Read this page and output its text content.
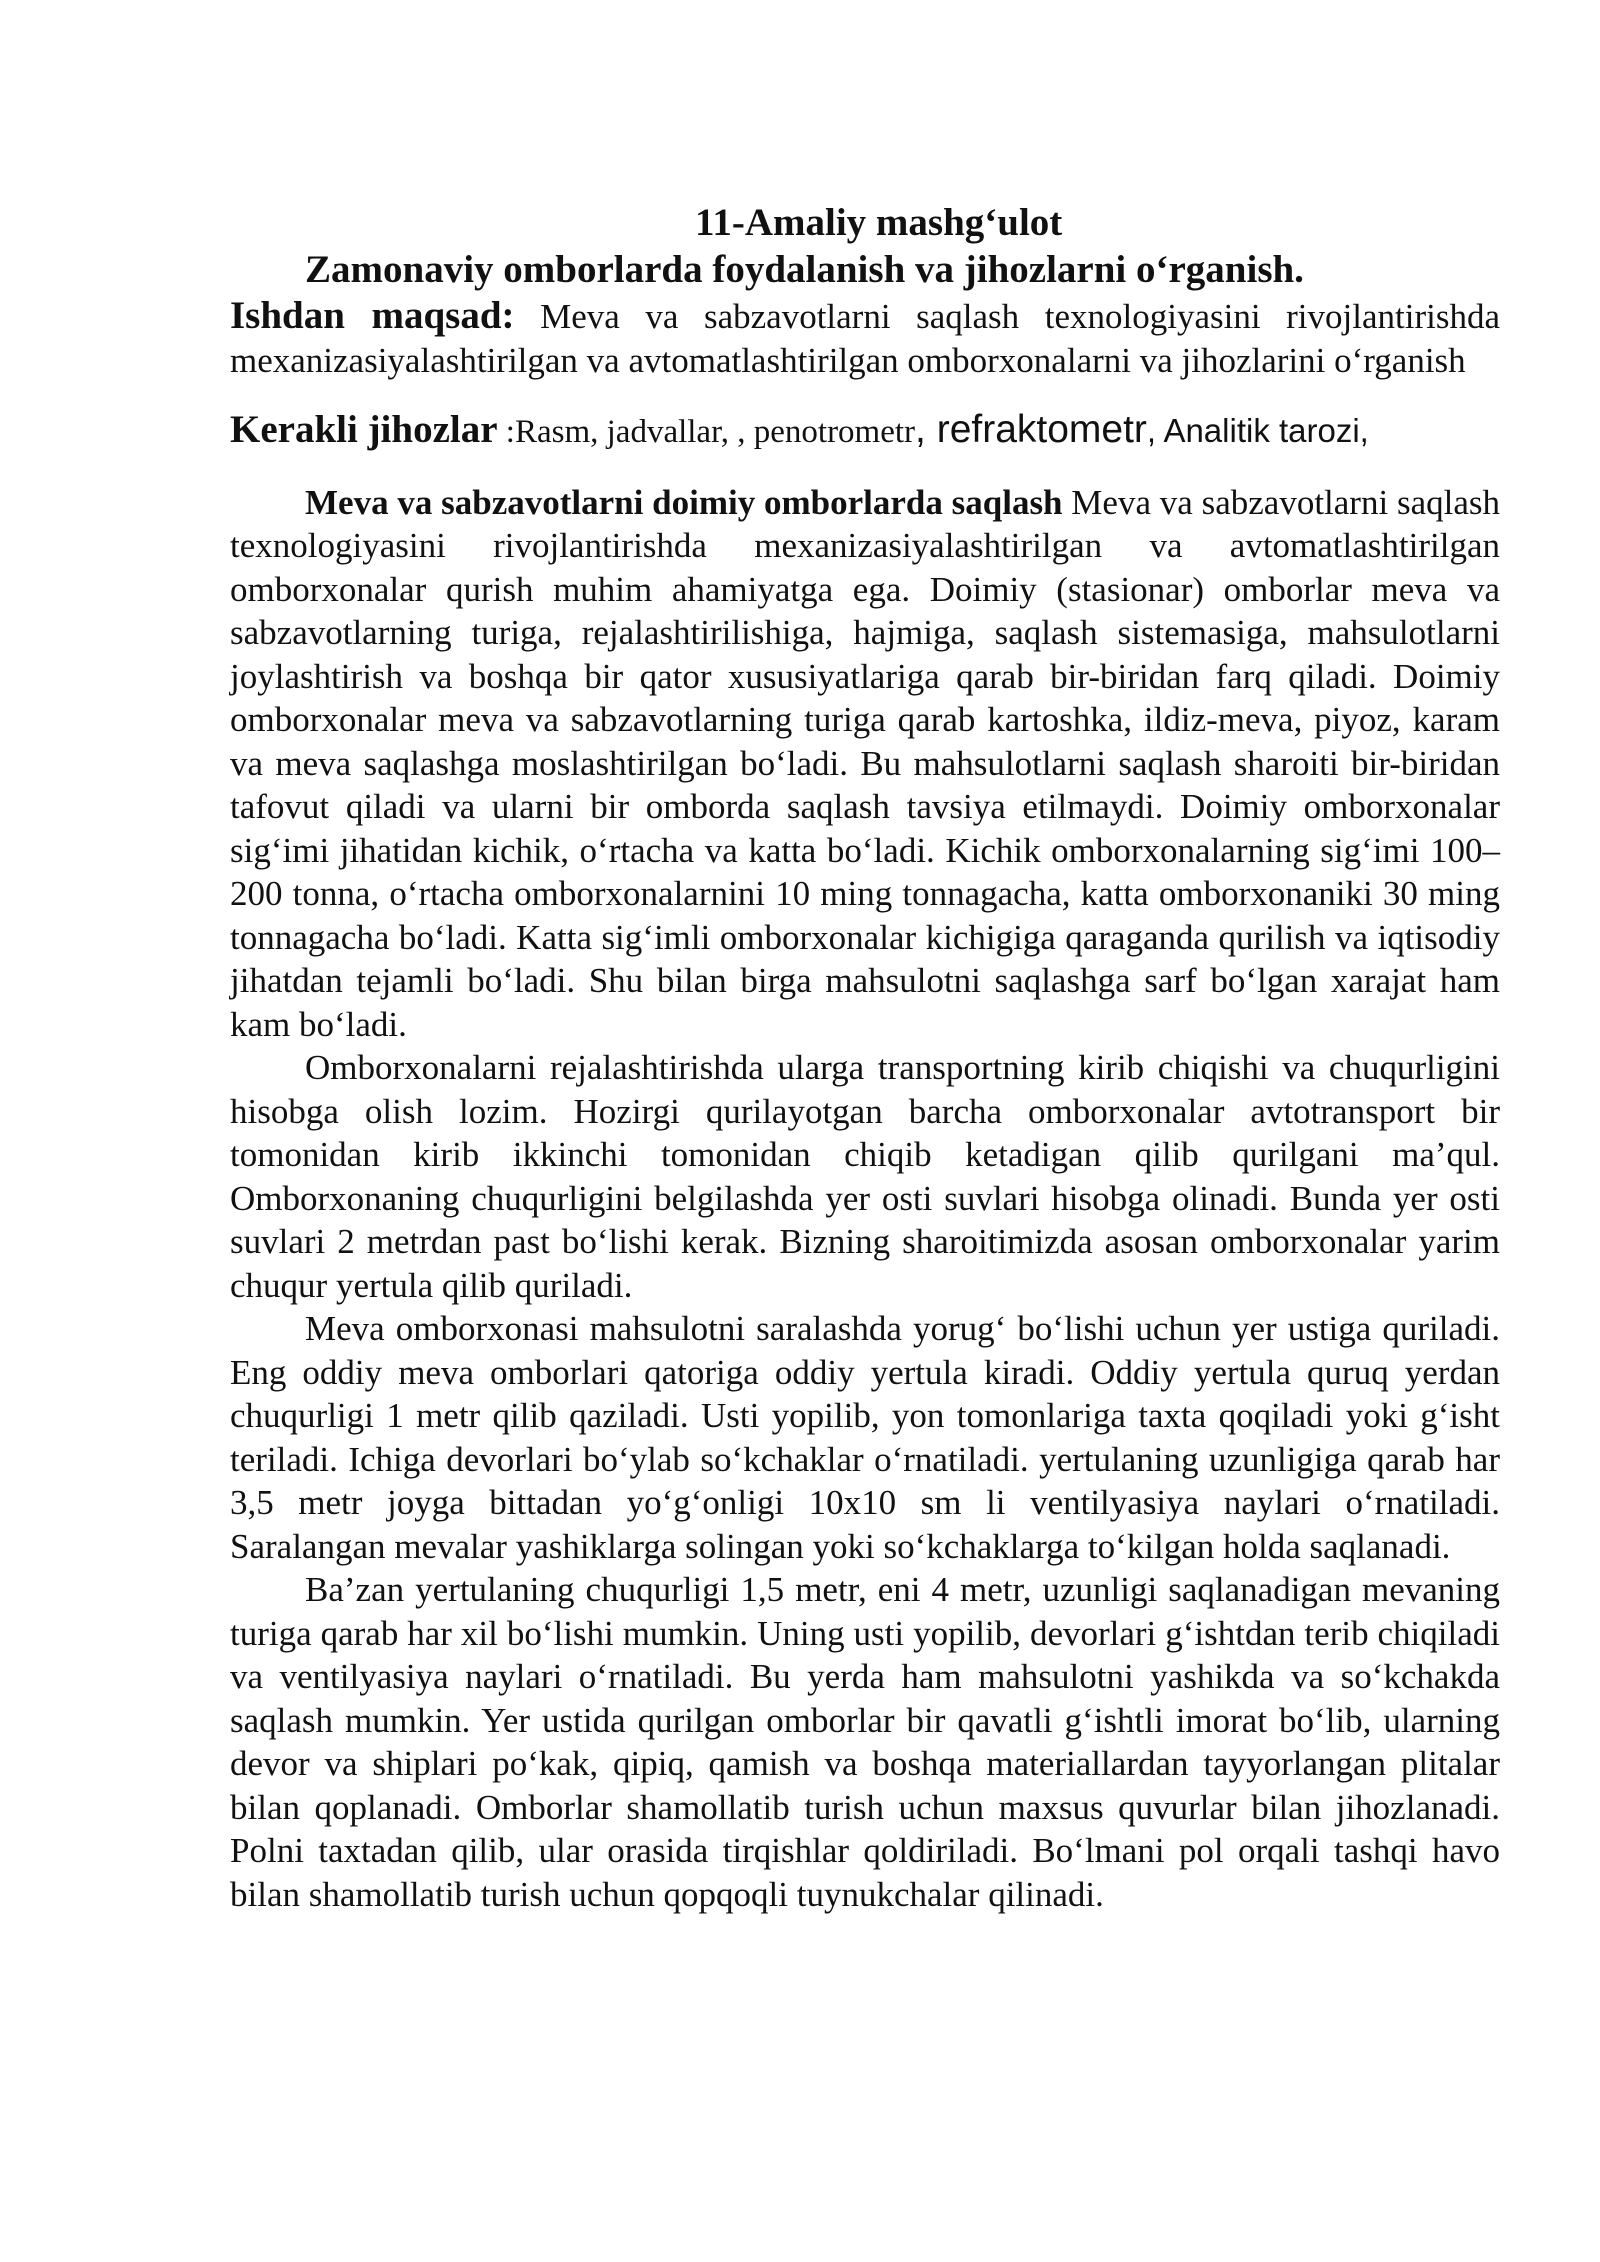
11-Amaliy mashg‘ulot
Zamonaviy omborlarda foydalanish va jihozlarni o‘rganish.
Ishdan maqsad: Meva va sabzavotlarni saqlash texnologiyasini rivojlantirishda mexanizasiyalashtirilgan va avtomatlashtirilgan omborxonalarni va jihozlarini o‘rganish
Kerakli jihozlar :Rasm, jadvallar, , penotrometr, refraktometr, Analitik tarozi,

Meva va sabzavotlarni doimiy omborlarda saqlash Meva va sabzavotlarni saqlash texnologiyasini rivojlantirishda mexanizasiyalashtirilgan va avtomatlashtirilgan omborxonalar qurish muhim ahamiyatga ega. Doimiy (stasionar) omborlar meva va sabzavotlarning turiga, rejalashtirilishiga, hajmiga, saqlash sistemasiga, mahsulotlarni joylashtirish va boshqa bir qator xususiyatlariga qarab bir-biridan farq qiladi. Doimiy omborxonalar meva va sabzavotlarning turiga qarab kartoshka, ildiz-meva, piyoz, karam va meva saqlashga moslashtirilgan bo‘ladi. Bu mahsulotlarni saqlash sharoiti bir-biridan tafovut qiladi va ularni bir omborda saqlash tavsiya etilmaydi. Doimiy omborxonalar sig‘imi jihatidan kichik, o‘rtacha va katta bo‘ladi. Kichik omborxonalarning sig‘imi 100–200 tonna, o‘rtacha omborxonalarnini 10 ming tonnagacha, katta omborxonaniki 30 ming tonnagacha bo‘ladi. Katta sig‘imli omborxonalar kichigiga qaraganda qurilish va iqtisodiy jihatdan tejamli bo‘ladi. Shu bilan birga mahsulotni saqlashga sarf bo‘lgan xarajat ham kam bo‘ladi.

Omborxonalarni rejalashtirishda ularga transportning kirib chiqishi va chuqurligini hisobga olish lozim. Hozirgi qurilayotgan barcha omborxonalar avtotransport bir tomonidan kirib ikkinchi tomonidan chiqib ketadigan qilib qurilgani ma’qul. Omborxonaning chuqurligini belgilashda yer osti suvlari hisobga olinadi. Bunda yer osti suvlari 2 metrdan past bo‘lishi kerak. Bizning sharoitimizda asosan omborxonalar yarim chuqur yertula qilib quriladi.

Meva omborxonasi mahsulotni saralashda yorug‘ bo‘lishi uchun yer ustiga quriladi. Eng oddiy meva omborlari qatoriga oddiy yertula kiradi. Oddiy yertula quruq yerdan chuqurligi 1 metr qilib qaziladi. Usti yopilib, yon tomonlariga taxta qoqiladi yoki g‘isht teriladi. Ichiga devorlari bo‘ylab so‘kchaklar o‘rnatiladi. yertulaning uzunligiga qarab har 3,5 metr joyga bittadan yo‘g‘onligi 10x10 sm li ventilyasiya naylari o‘rnatiladi. Saralangan mevalar yashiklarga solingan yoki so‘kchaklarga to‘kilgan holda saqlanadi.

Ba’zan yertulaning chuqurligi 1,5 metr, eni 4 metr, uzunligi saqlanadigan mevaning turiga qarab har xil bo‘lishi mumkin. Uning usti yopilib, devorlari g‘ishtdan terib chiqiladi va ventilyasiya naylari o‘rnatiladi. Bu yerda ham mahsulotni yashikda va so‘kchakda saqlash mumkin. Yer ustida qurilgan omborlar bir qavatli g‘ishtli imorat bo‘lib, ularning devor va shiplari po‘kak, qipiq, qamish va boshqa materiallardan tayyorlangan plitalar bilan qoplanadi. Omborlar shamollatib turish uchun maxsus quvurlar bilan jihozlanadi. Polni taxtadan qilib, ular orasida tirqishlar qoldiriladi. Bo‘lmani pol orqali tashqi havo bilan shamollatib turish uchun qopqoqli tuynukchalar qilinadi.
